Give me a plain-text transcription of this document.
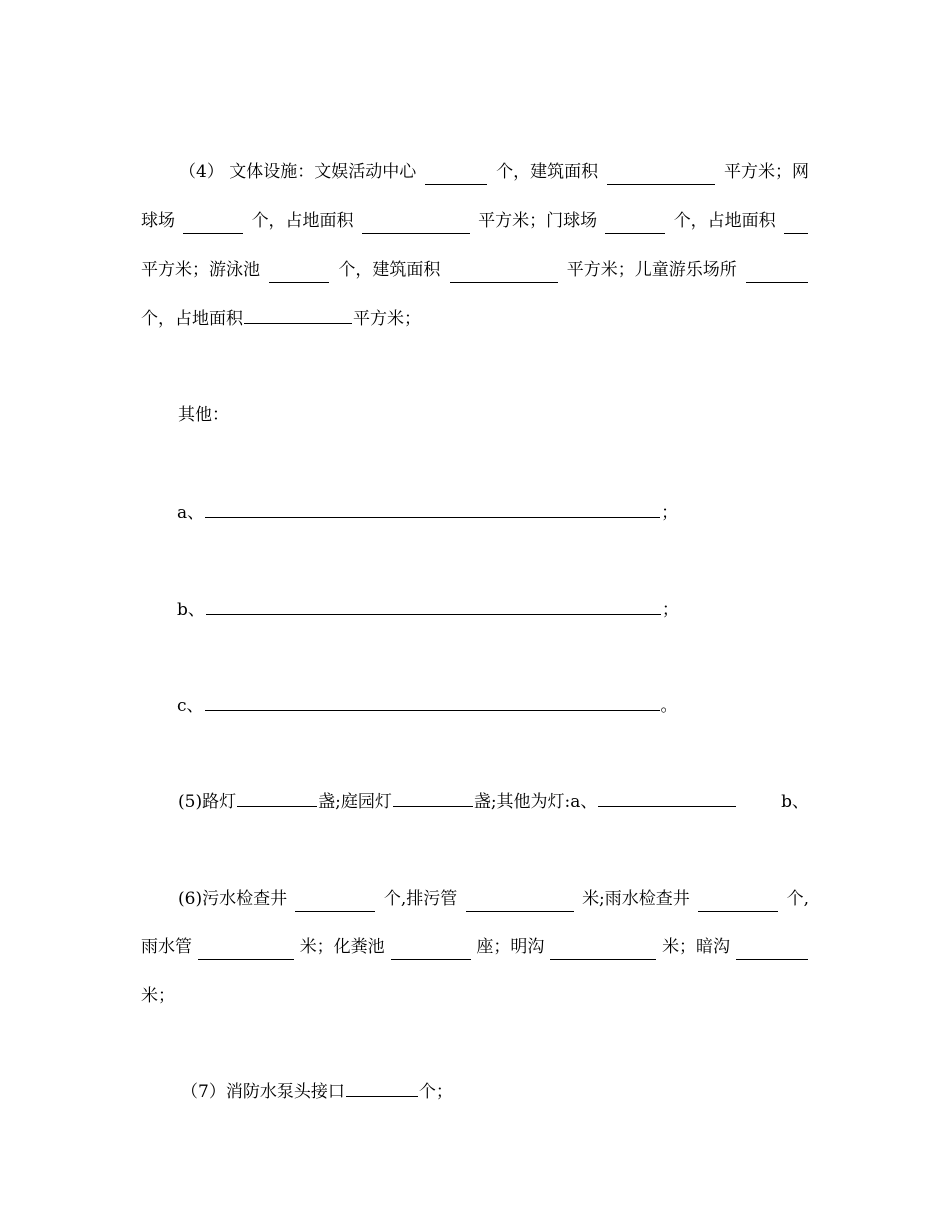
（4） 文体设施：文娱活动中心	个，建筑面积	平方米；网
球场	个，占地面积	平方米；门球场	个，占地面积
平方米；游泳池	个，建筑面积	平方米；儿童游乐场所
个，占地面积	平方米；
其他：
a、	；
b、	；
c、	。
(5)路灯	盏;庭园灯	盏;其他为灯:a、	b、
(6)污水检查井	个,排污管	米;雨水检查井	个,
雨水管	米；化粪池	座；明沟	米；暗沟
米；
（7）消防水泵头接口	个；
